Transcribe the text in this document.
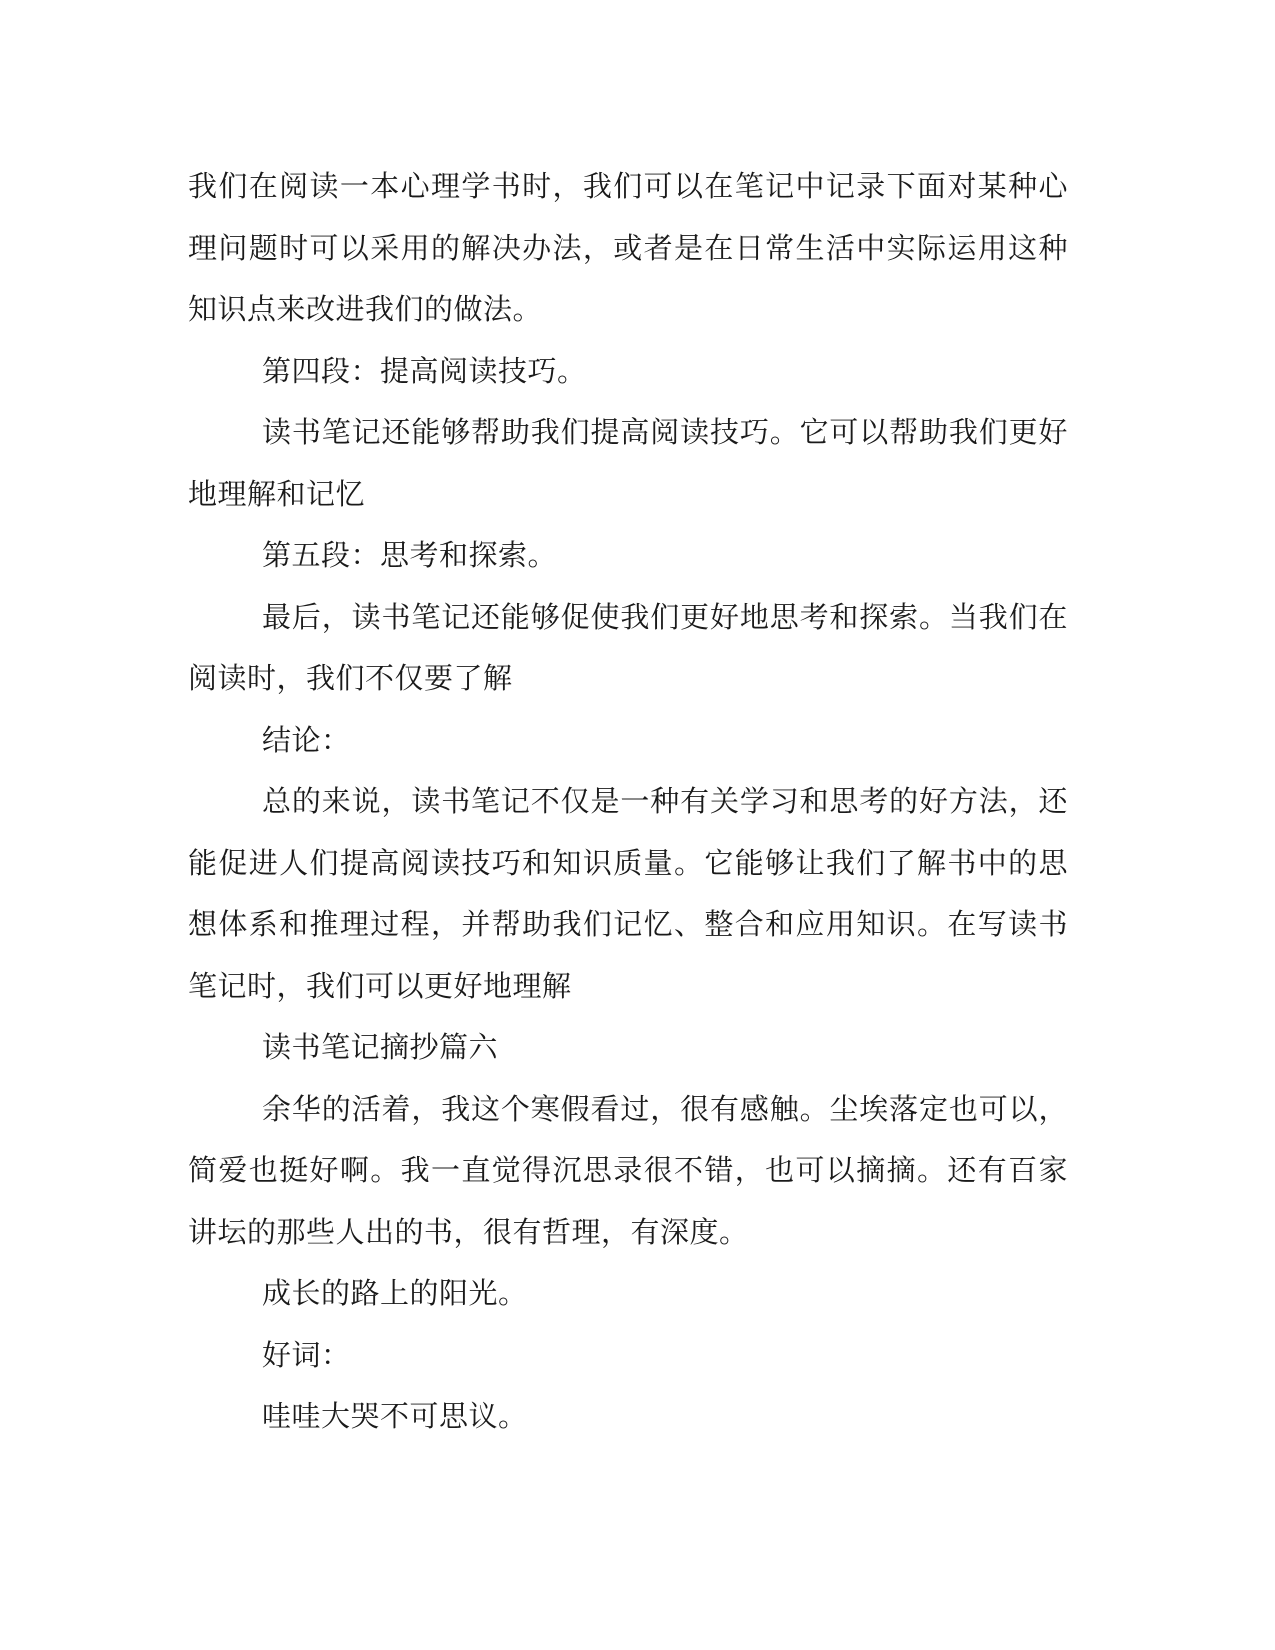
我们在阅读一本心理学书时，我们可以在笔记中记录下面对某种心理问题时可以采用的解决办法，或者是在日常生活中实际运用这种知识点来改进我们的做法。

第四段：提高阅读技巧。

读书笔记还能够帮助我们提高阅读技巧。它可以帮助我们更好地理解和记忆

第五段：思考和探索。

最后，读书笔记还能够促使我们更好地思考和探索。当我们在阅读时，我们不仅要了解

结论：

总的来说，读书笔记不仅是一种有关学习和思考的好方法，还能促进人们提高阅读技巧和知识质量。它能够让我们了解书中的思想体系和推理过程，并帮助我们记忆、整合和应用知识。在写读书笔记时，我们可以更好地理解

读书笔记摘抄篇六

余华的活着，我这个寒假看过，很有感触。尘埃落定也可以，简爱也挺好啊。我一直觉得沉思录很不错，也可以摘摘。还有百家讲坛的那些人出的书，很有哲理，有深度。

成长的路上的阳光。

好词：

哇哇大哭不可思议。
